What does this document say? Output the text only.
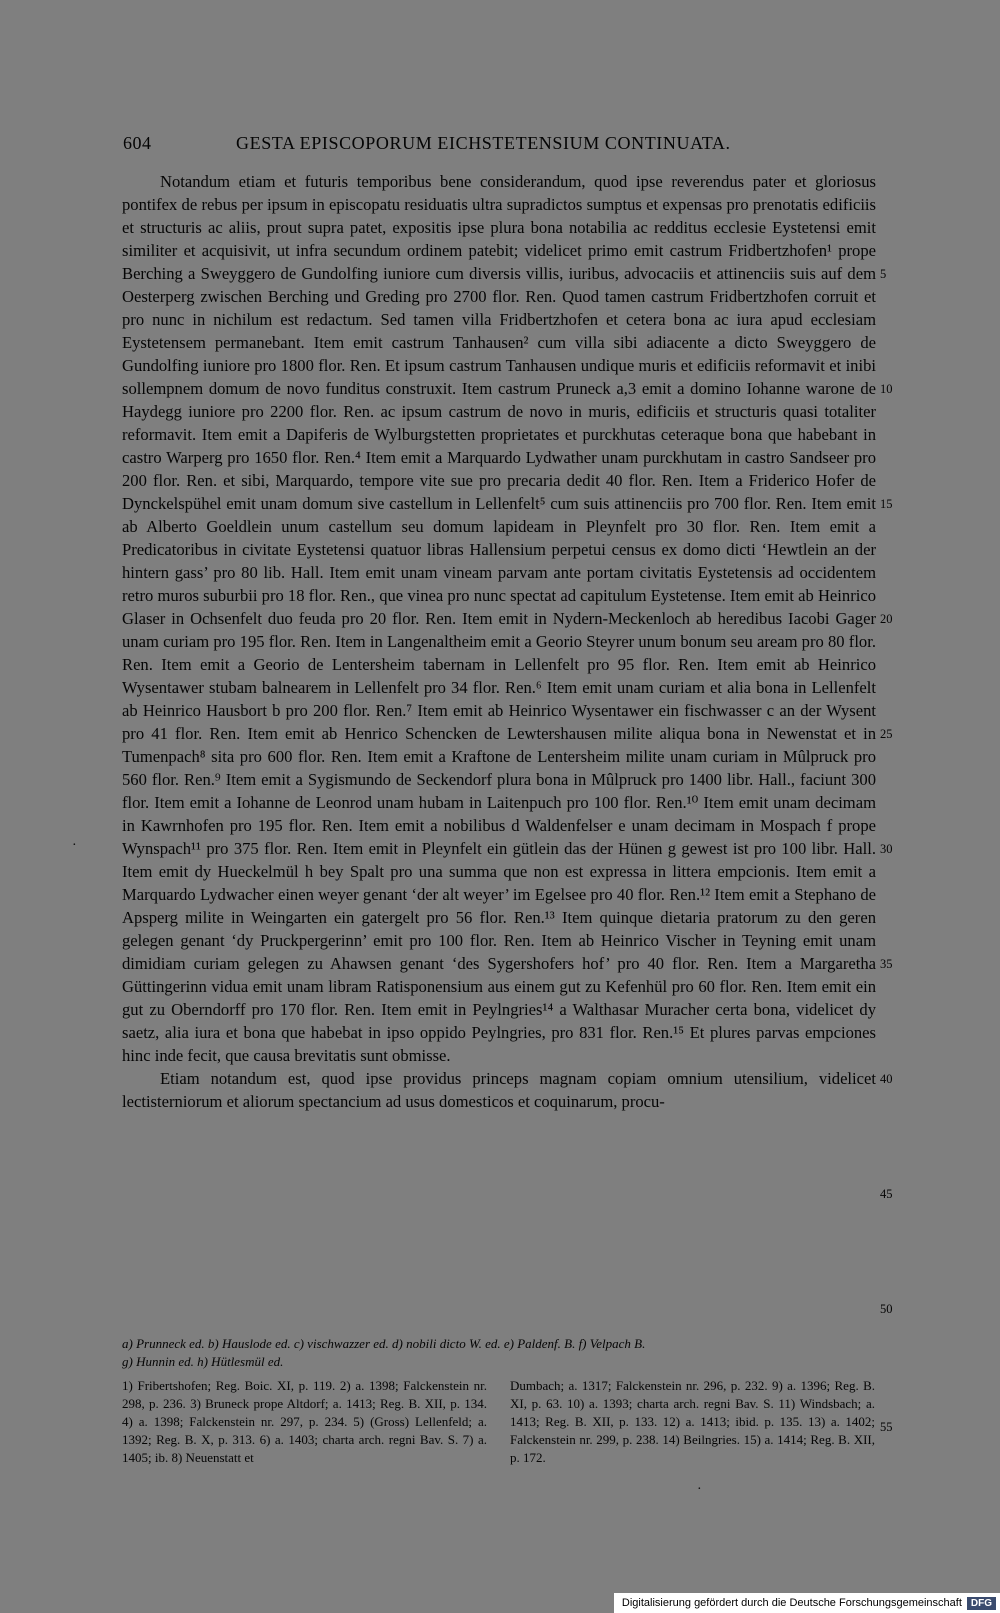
604	GESTA EPISCOPORUM EICHSTETENSIUM CONTINUATA.

Notandum etiam et futuris temporibus bene considerandum, quod ipse reverendus pater et gloriosus pontifex de rebus per ipsum in episcopatu residuatis ultra supradictos sumptus et expensas pro prenotatis edificiis et structuris ac aliis, prout supra patet, expositis ipse plura bona notabilia ac redditus ecclesie Eystetensi emit similiter et acquisivit, ut infra secundum ordinem patebit; videlicet primo emit castrum Fridbertzhofen¹ prope Berching a Sweyggero de Gundolfing iuniore cum diversis villis, iuribus, advocaciis et attinenciis suis auf dem Oesterperg zwischen Berching und Greding pro 2700 flor. Ren. Quod tamen castrum Fridbertzhofen corruit et pro nunc in nichilum est redactum. Sed tamen villa Fridbertzhofen et cetera bona ac iura apud ecclesiam Eystetensem permanebant. Item emit castrum Tanhausen² cum villa sibi adiacente a dicto Sweyggero de Gundolfing iuniore pro 1800 flor. Ren. Et ipsum castrum Tanhausen undique muris et edificiis reformavit et inibi sollempnem domum de novo funditus construxit. Item castrum Pruneck a,3 emit a domino Iohanne warone de Haydegg iuniore pro 2200 flor. Ren. ac ipsum castrum de novo in muris, edificiis et structuris quasi totaliter reformavit. Item emit a Dapiferis de Wylburgstetten proprietates et purckhutas ceteraque bona que habebant in castro Warperg pro 1650 flor. Ren.⁴ Item emit a Marquardo Lydwather unam purckhutam in castro Sandseer pro 200 flor. Ren. et sibi, Marquardo, tempore vite sue pro precaria dedit 40 flor. Ren. Item a Friderico Hofer de Dynckelspühel emit unam domum sive castellum in Lellenfelt⁵ cum suis attinenciis pro 700 flor. Ren. Item emit ab Alberto Goeldlein unum castellum seu domum lapideam in Pleynfelt pro 30 flor. Ren. Item emit a Predicatoribus in civitate Eystetensi quatuor libras Hallensium perpetui census ex domo dicti ‘Hewtlein an der hintern gass’ pro 80 lib. Hall. Item emit unam vineam parvam ante portam civitatis Eystetensis ad occidentem retro muros suburbii pro 18 flor. Ren., que vinea pro nunc spectat ad capitulum Eystetense. Item emit ab Heinrico Glaser in Ochsenfelt duo feuda pro 20 flor. Ren. Item emit in Nydern-Meckenloch ab heredibus Iacobi Gager unam curiam pro 195 flor. Ren. Item in Langenaltheim emit a Georio Steyrer unum bonum seu aream pro 80 flor. Ren. Item emit a Georio de Lentersheim tabernam in Lellenfelt pro 95 flor. Ren. Item emit ab Heinrico Wysentawer stubam balnearem in Lellenfelt pro 34 flor. Ren.⁶ Item emit unam curiam et alia bona in Lellenfelt ab Heinrico Hausbort b pro 200 flor. Ren.⁷ Item emit ab Heinrico Wysentawer ein fischwasser c an der Wysent pro 41 flor. Ren. Item emit ab Henrico Schencken de Lewtershausen milite aliqua bona in Newenstat et in Tumenpach⁸ sita pro 600 flor. Ren. Item emit a Kraftone de Lentersheim milite unam curiam in Mûlpruck pro 560 flor. Ren.⁹ Item emit a Sygismundo de Seckendorf plura bona in Mûlpruck pro 1400 libr. Hall., faciunt 300 flor. Item emit a Iohanne de Leonrod unam hubam in Laitenpuch pro 100 flor. Ren.¹⁰ Item emit unam decimam in Kawrnhofen pro 195 flor. Ren. Item emit a nobilibus d Waldenfelser e unam decimam in Mospach f prope Wynspach¹¹ pro 375 flor. Ren. Item emit in Pleynfelt ein gütlein das der Hünen g gewest ist pro 100 libr. Hall. Item emit dy Hueckelmül h bey Spalt pro una summa que non est expressa in littera empcionis. Item emit a Marquardo Lydwacher einen weyer genant ‘der alt weyer’ im Egelsee pro 40 flor. Ren.¹² Item emit a Stephano de Apsperg milite in Weingarten ein gatergelt pro 56 flor. Ren.¹³ Item quinque dietaria pratorum zu den geren gelegen genant ‘dy Pruckpergerinn’ emit pro 100 flor. Ren. Item ab Heinrico Vischer in Teyning emit unam dimidiam curiam gelegen zu Ahawsen genant ‘des Sygershofers hof’ pro 40 flor. Ren. Item a Margaretha Güttingerinn vidua emit unam libram Ratisponensium aus einem gut zu Kefenhül pro 60 flor. Ren. Item emit ein gut zu Oberndorff pro 170 flor. Ren. Item emit in Peylngries¹⁴ a Walthasar Muracher certa bona, videlicet dy saetz, alia iura et bona que habebat in ipso oppido Peylngries, pro 831 flor. Ren.¹⁵ Et plures parvas empciones hinc inde fecit, que causa brevitatis sunt obmisse.

Etiam notandum est, quod ipse providus princeps magnam copiam omnium utensilium, videlicet lectisterniorum et aliorum spectancium ad usus domesticos et coquinarum, procu-

5
10
15
20
25
30
35
40
45
50
a) Prunneck ed. b) Hauslode ed. c) vischwazzer ed. d) nobili dicto W. ed. e) Paldenf. B. f) Velpach B.
g) Hunnin ed. h) Hütlesmül ed.
1) Fribertshofen; Reg. Boic. XI, p. 119. 2) a. 1398; Falckenstein nr. 298, p. 236. 3) Bruneck prope Altdorf; a. 1413; Reg. B. XII, p. 134. 4) a. 1398; Falckenstein nr. 297, p. 234. 5) (Gross) Lellenfeld; a. 1392; Reg. B. X, p. 313. 6) a. 1403; charta arch. regni Bav. S. 7) a. 1405; ib. 8) Neuenstatt et
Dumbach; a. 1317; Falckenstein nr. 296, p. 232. 9) a. 1396; Reg. B. XI, p. 63. 10) a. 1393; charta arch. regni Bav. S. 11) Windsbach; a. 1413; Reg. B. XII, p. 133. 12) a. 1413; ibid. p. 135. 13) a. 1402; Falckenstein nr. 299, p. 238. 14) Beilngries. 15) a. 1414; Reg. B. XII, p. 172.
55
·
·
Digitalisierung gefördert durch die Deutsche Forschungsgemeinschaft DFG
